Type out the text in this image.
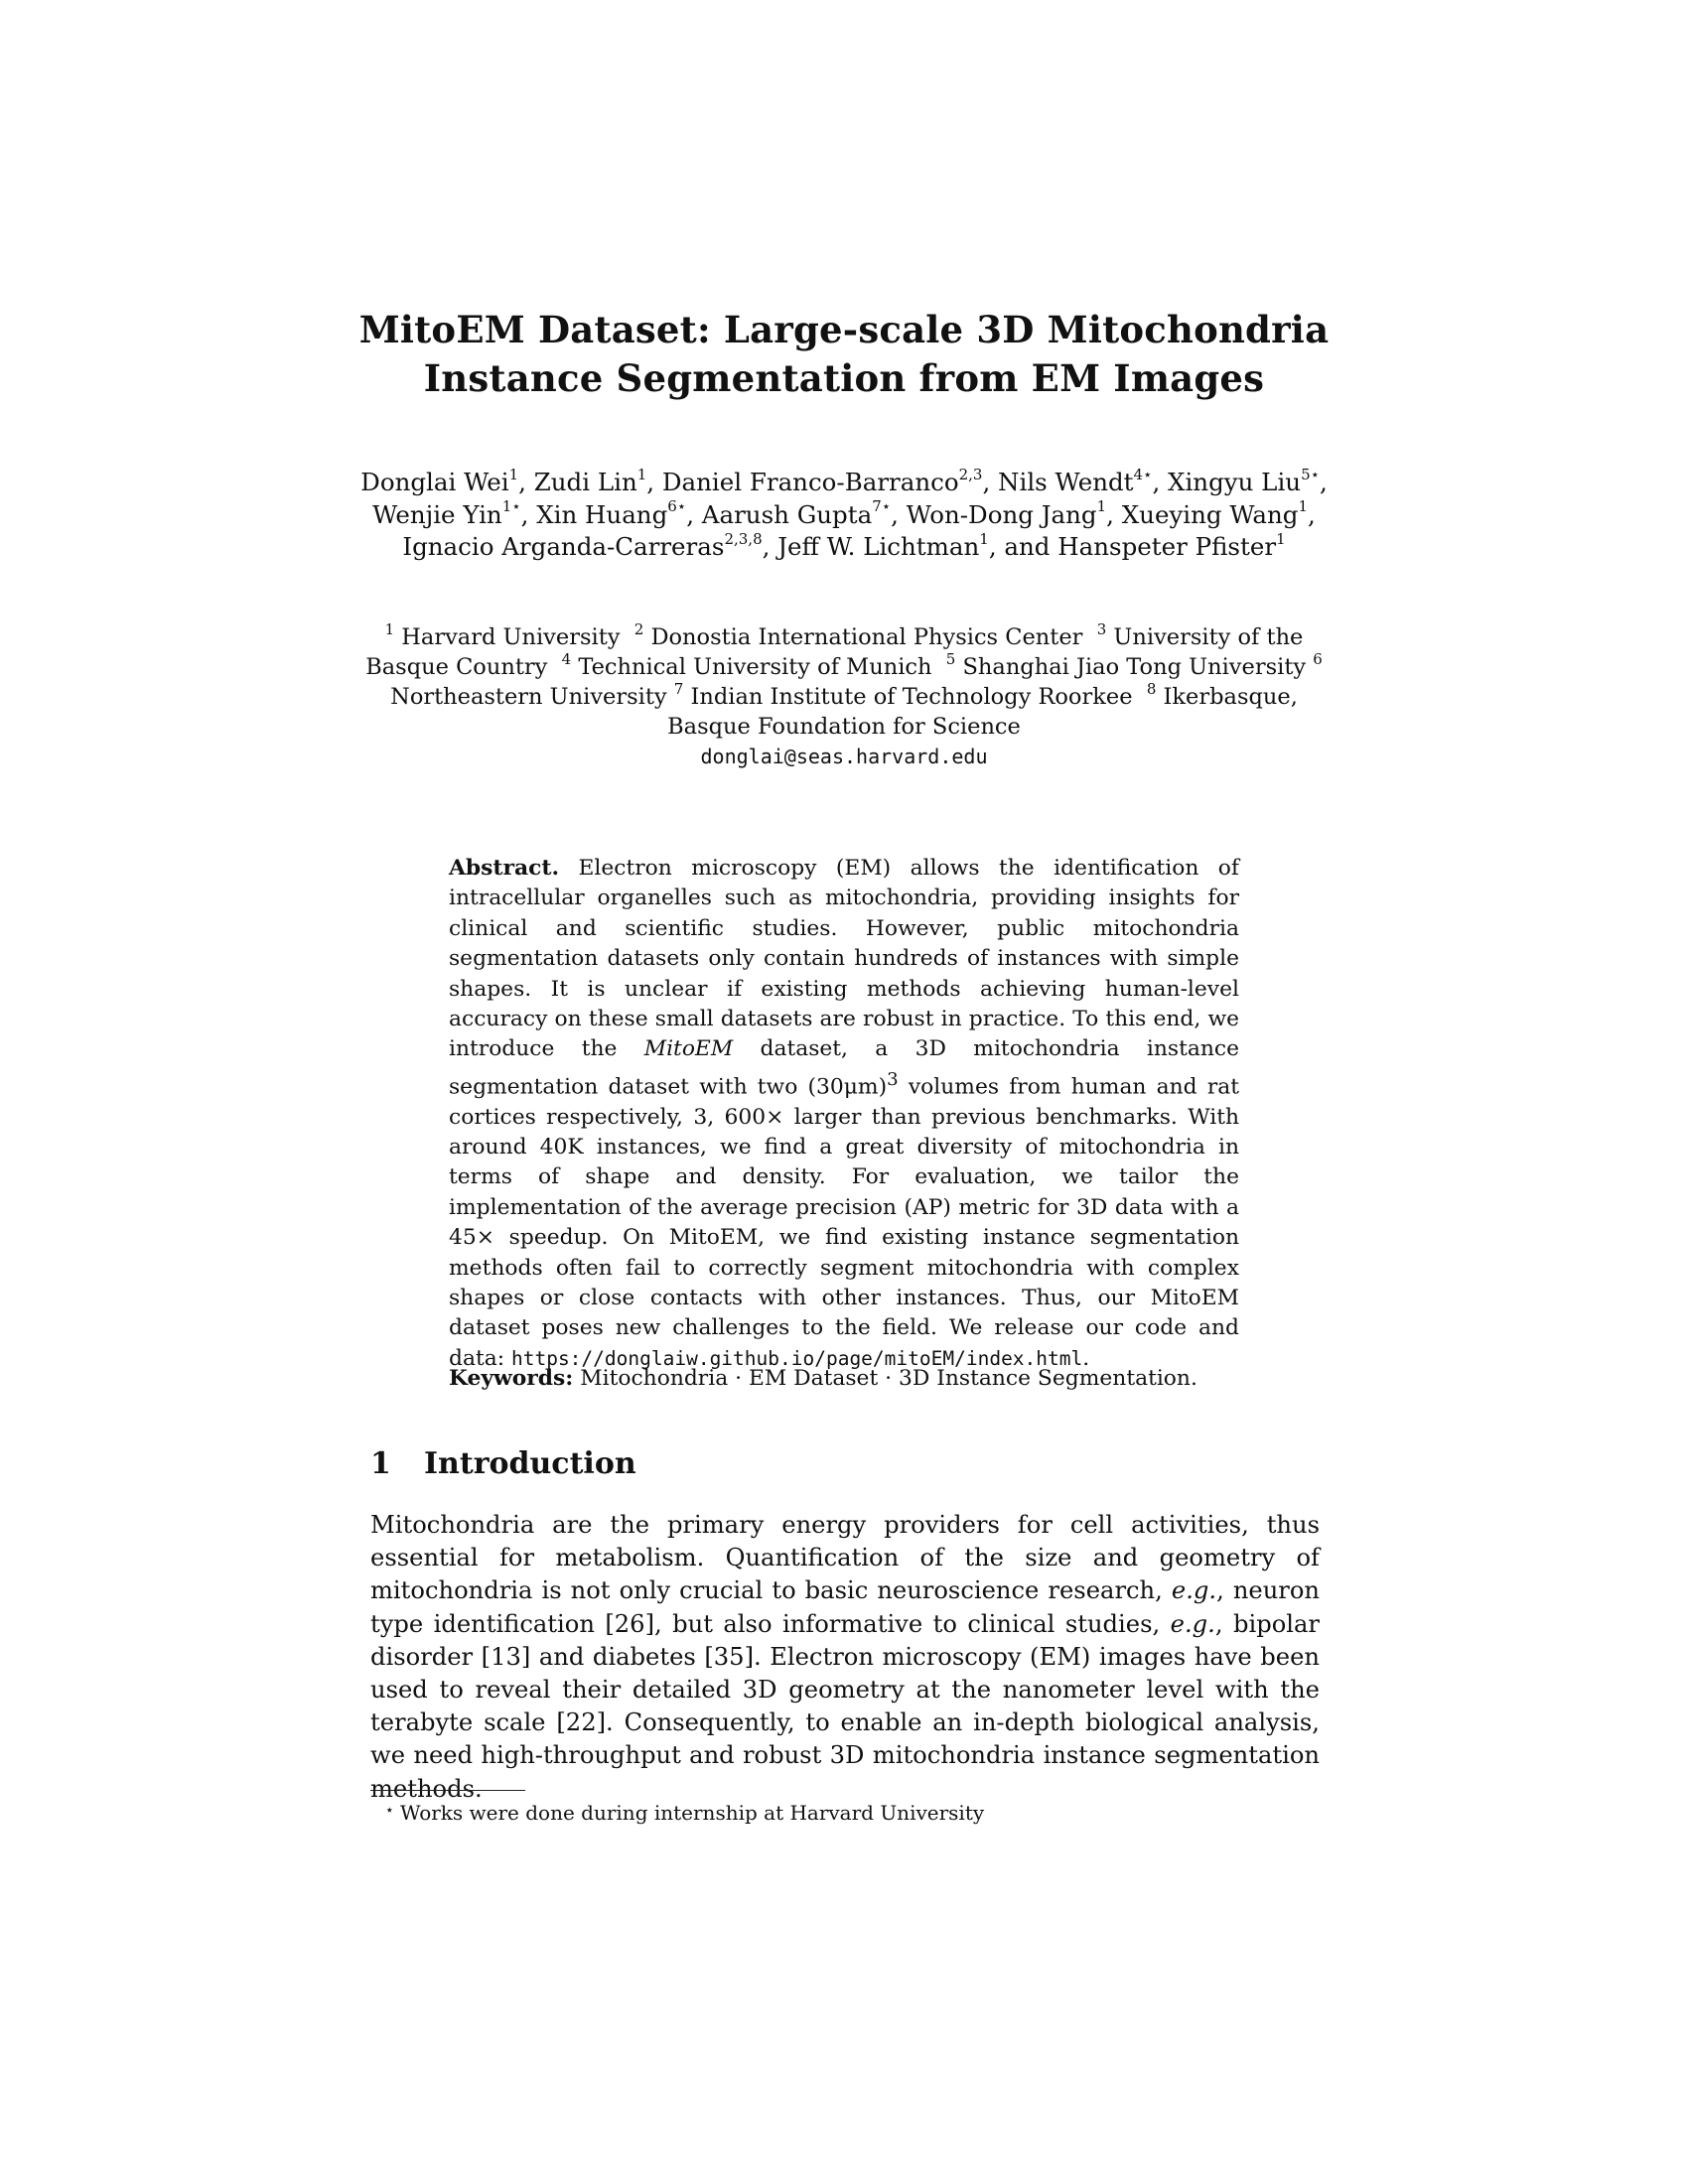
MitoEM Dataset: Large-scale 3D Mitochondria
Instance Segmentation from EM Images
Donglai Wei$^1$, Zudi Lin$^1$, Daniel Franco-Barranco$^{2,3}$, Nils Wendt$^{4⋆}$, Xingyu Liu$^{5⋆}$, Wenjie Yin$^{1⋆}$, Xin Huang$^{6⋆}$, Aarush Gupta$^{7⋆}$, Won-Dong Jang$^1$, Xueying Wang$^1$, Ignacio Arganda-Carreras$^{2,3,8}$, Jeff W. Lichtman$^1$, and Hanspeter Pfister$^1$
$^1$ Harvard University $^2$ Donostia International Physics Center $^3$ University of the Basque Country $^4$ Technical University of Munich $^5$ Shanghai Jiao Tong University $^6$ Northeastern University $^7$ Indian Institute of Technology Roorkee $^8$ Ikerbasque, Basque Foundation for Science
donglai@seas.harvard.edu
Abstract. Electron microscopy (EM) allows the identification of intracellular organelles such as mitochondria, providing insights for clinical and scientific studies. However, public mitochondria segmentation datasets only contain hundreds of instances with simple shapes. It is unclear if existing methods achieving human-level accuracy on these small datasets are robust in practice. To this end, we introduce the MitoEM dataset, a 3D mitochondria instance segmentation dataset with two $(30\mu m)^3$ volumes from human and rat cortices respectively, 3, 600× larger than previous benchmarks. With around 40K instances, we find a great diversity of mitochondria in terms of shape and density. For evaluation, we tailor the implementation of the average precision (AP) metric for 3D data with a 45× speedup. On MitoEM, we find existing instance segmentation methods often fail to correctly segment mitochondria with complex shapes or close contacts with other instances. Thus, our MitoEM dataset poses new challenges to the field. We release our code and data: https://donglaiw.github.io/page/mitoEM/index.html.
Keywords: Mitochondria · EM Dataset · 3D Instance Segmentation.
1 Introduction
Mitochondria are the primary energy providers for cell activities, thus essential for metabolism. Quantification of the size and geometry of mitochondria is not only crucial to basic neuroscience research, e.g., neuron type identification [26], but also informative to clinical studies, e.g., bipolar disorder [13] and diabetes [35]. Electron microscopy (EM) images have been used to reveal their detailed 3D geometry at the nanometer level with the terabyte scale [22]. Consequently, to enable an in-depth biological analysis, we need high-throughput and robust 3D mitochondria instance segmentation methods.
⋆ Works were done during internship at Harvard University
